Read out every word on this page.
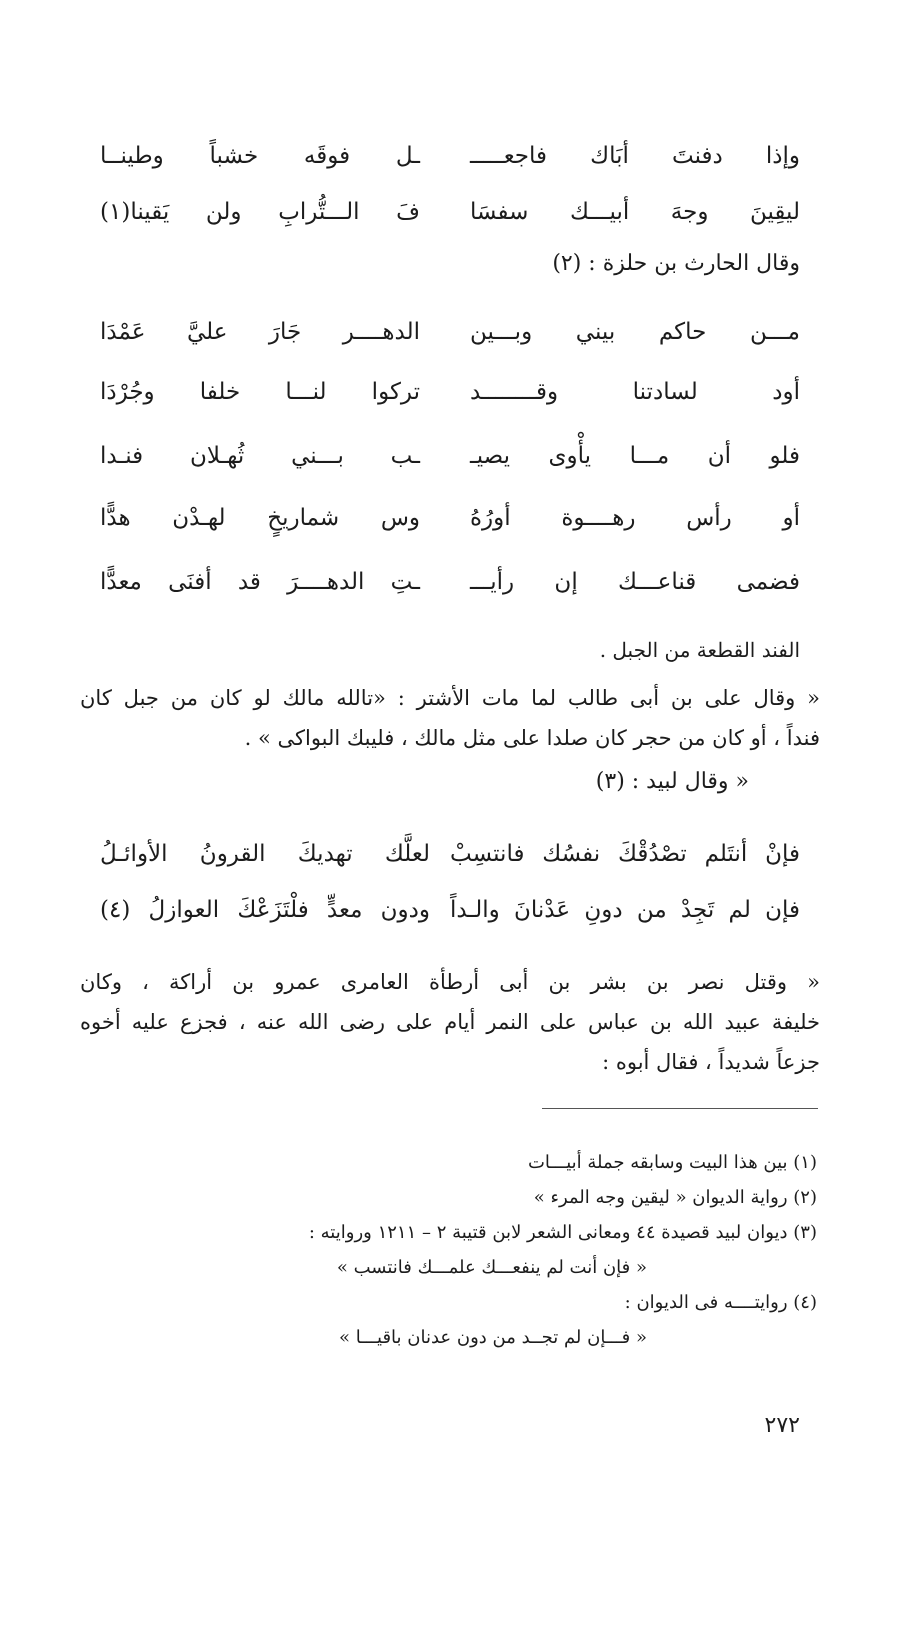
وإذا دفنتَ أبَاك فاجعـــــ
ـل فوقَه خشباً وطينــا
ليقِينَ وجهَ أبيـــك سفسَا
فَ الـــتُّرابِ ولن يَقينا(١)
وقال الحارث بن حلزة : (٢)
مـــن حاكم بيني وبـــين
الدهــــر جَارَ عليَّ عَمْدَا
أود لسادتنا وقــــــــد
تركوا لنـــا خلفا وجُرْدَا
فلو أن مـــا يأْوى يصيـ
ـب بـــني ثُهـلان فنـدا
أو رأس رهــــوة أورُهُ
وس شماريخٍ لهـدْن هدًّا
فضمى قناعـــك إن رأيـــ
ـتِ الدهــــرَ قد أفنَى معدًّا
الفند القطعة من الجبل .
« وقال على بن أبى طالب لما مات الأشتر : «تالله مالك لو كان من جبل كان
فنداً ، أو كان من حجر كان صلدا على مثل مالك ، فليبك البواكى » .
« وقال لبيد : (٣)
فإنْ أنتَلم تصْدُقْكَ نفسُك فانتسِبْ
لعلَّك تهديكَ القرونُ الأوائـلُ
فإن لم تَجِدْ من دونِ عَدْنانَ والـداً
ودون معدٍّ فلْتَزَعْكَ العوازلُ (٤)
« وقتل نصر بن بشر بن أبى أرطأة العامرى عمرو بن أراكة ، وكان
خليفة عبيد الله بن عباس على النمر أيام على رضى الله عنه ، فجزع عليه أخوه
جزعاً شديداً ، فقال أبوه :
(١) بين هذا البيت وسابقه جملة أبيـــات
(٢) رواية الديوان « ليقين وجه المرء »
(٣) ديوان لبيد قصيدة ٤٤ ومعانى الشعر لابن قتيبة ٢ – ١٢١١ وروايته :
« فإن أنت لم ينفعـــك علمـــك فانتسب »
(٤) روايتــــه فى الديوان :
« فـــإن لم تجــد من دون عدنان باقيـــا »
٢٧٢
